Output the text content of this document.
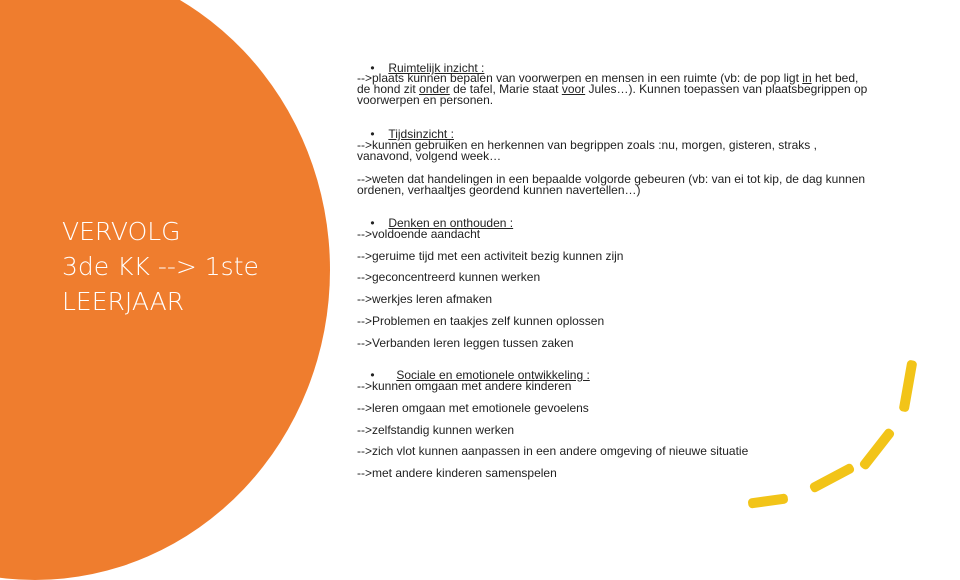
VERVOLG
3de KK --> 1ste
LEERJAAR

• Ruimtelijk inzicht :

-->plaats kunnen bepalen van voorwerpen en mensen in een ruimte (vb: de pop ligt in het bed, de hond zit onder de tafel, Marie staat voor Jules…). Kunnen toepassen van plaatsbegrippen op voorwerpen en personen.

• Tijdsinzicht :

-->kunnen gebruiken en herkennen van begrippen zoals :nu, morgen, gisteren, straks , vanavond, volgend week…
-->weten dat handelingen in een bepaalde volgorde gebeuren (vb: van ei tot kip, de dag kunnen ordenen, verhaaltjes geordend kunnen navertellen…)

• Denken en onthouden :

-->voldoende aandacht
-->geruime tijd met een activiteit bezig kunnen zijn
-->geconcentreerd kunnen werken
-->werkjes leren afmaken
-->Problemen en taakjes zelf kunnen oplossen
-->Verbanden leren leggen tussen zaken

• Sociale en emotionele ontwikkeling :

-->kunnen omgaan met andere kinderen
-->leren omgaan met emotionele gevoelens
-->zelfstandig kunnen werken
-->zich vlot kunnen aanpassen in een andere omgeving of nieuwe situatie
-->met andere kinderen samenspelen
